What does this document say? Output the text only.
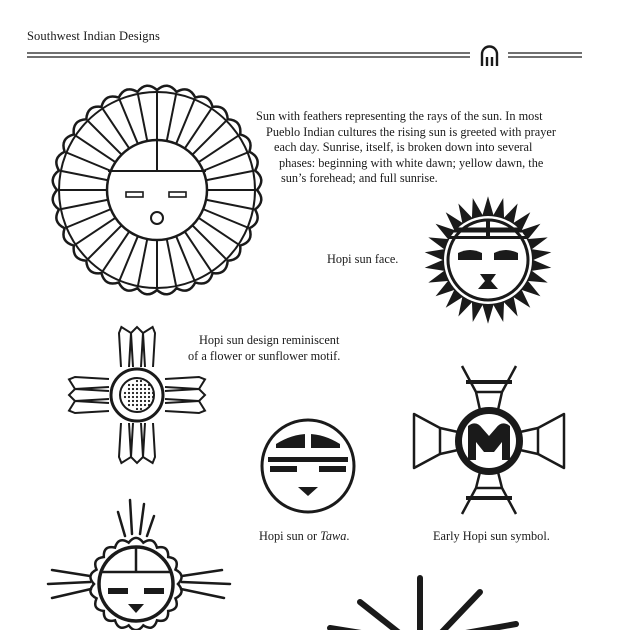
Southwest Indian Designs
Sun with feathers representing the rays of the sun. In most
Pueblo Indian cultures the rising sun is greeted with prayer
each day. Sunrise, itself, is broken down into several
phases: beginning with white dawn; yellow dawn, the
sun’s forehead; and full sunrise.
Hopi sun face.
Hopi sun design reminiscent
of a flower or sunflower motif.
Hopi sun or Tawa.	Early Hopi sun symbol.
